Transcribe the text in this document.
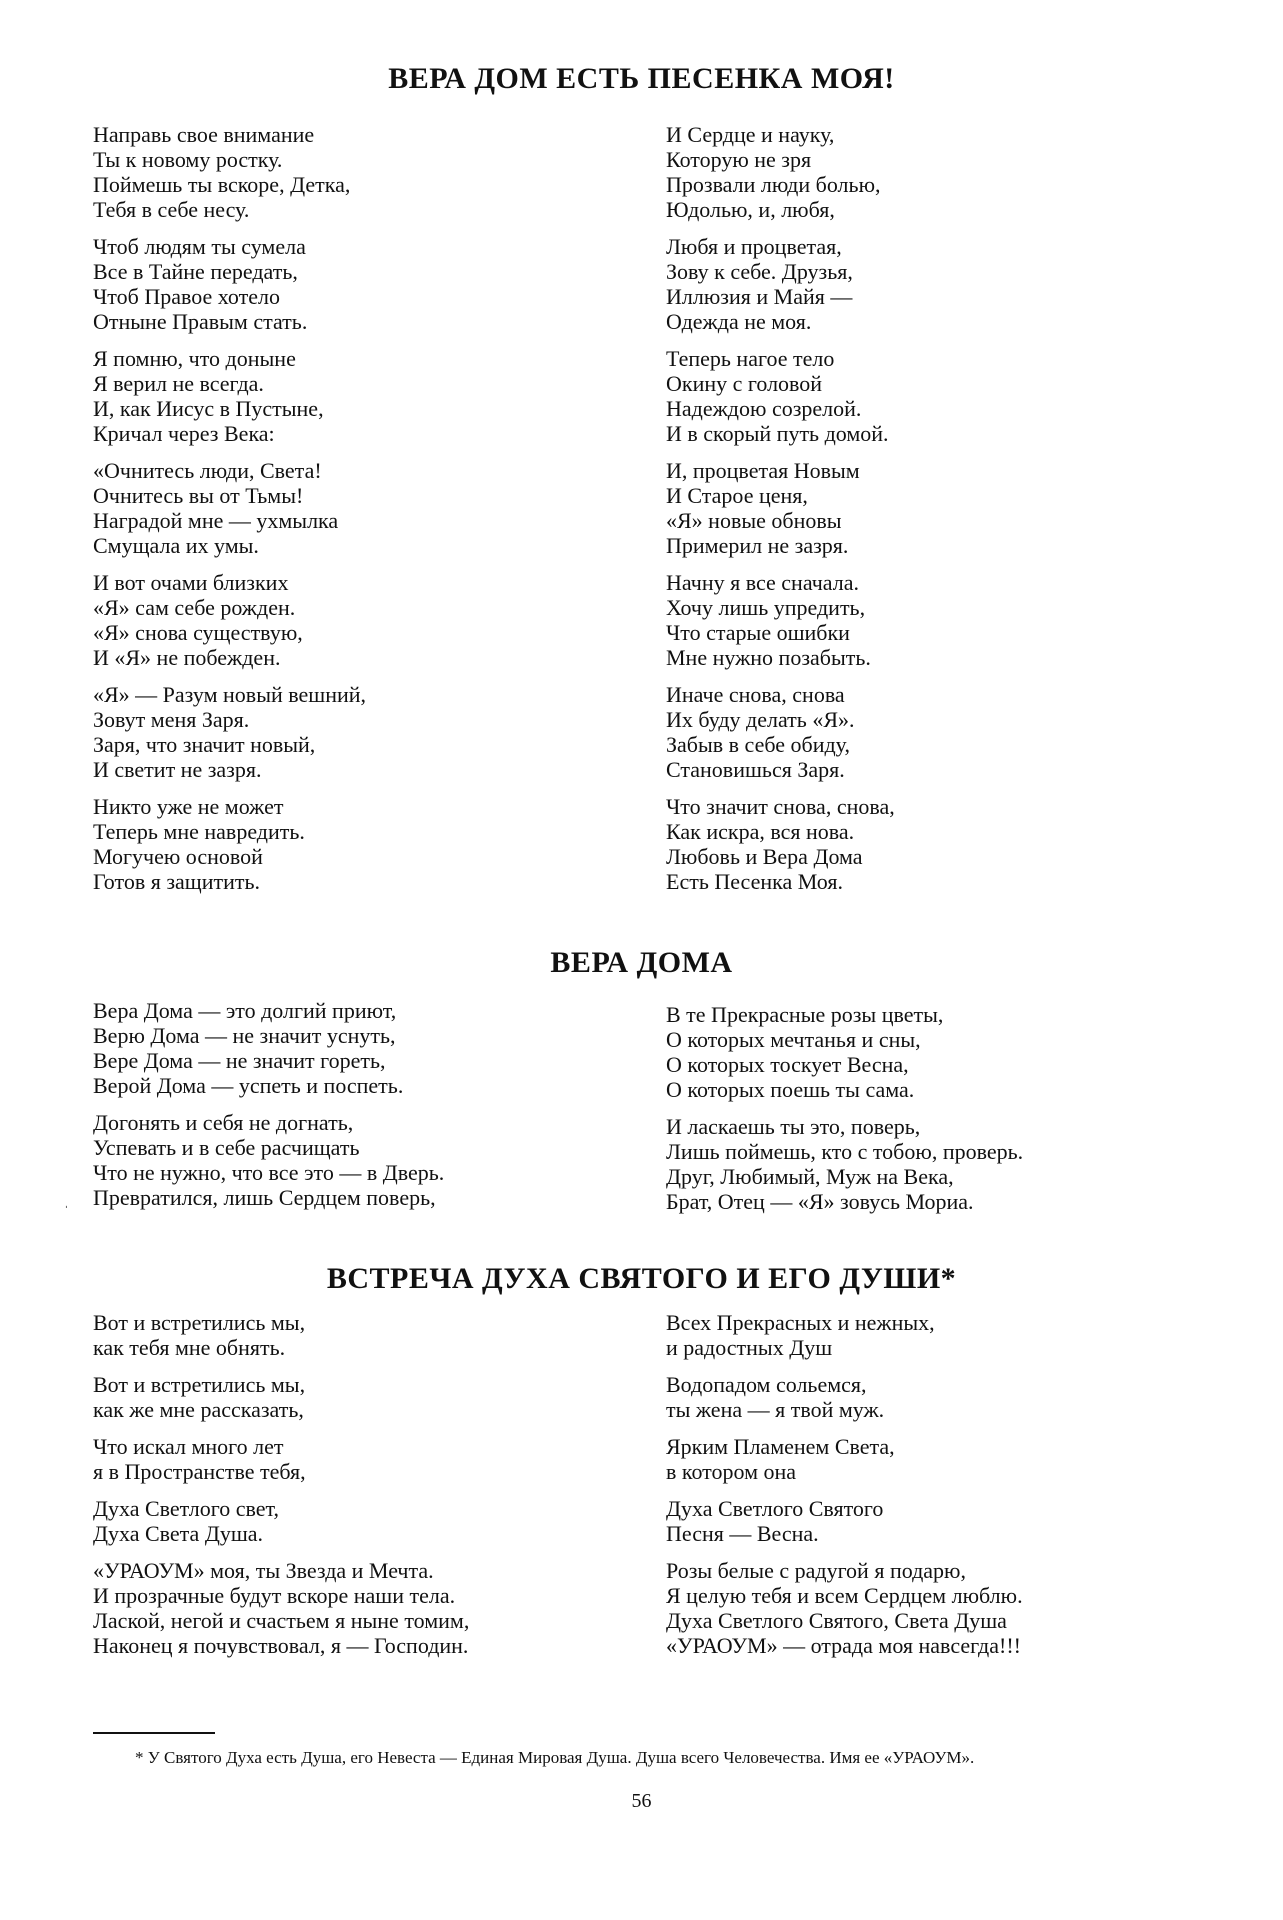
ВЕРА ДОМ ЕСТЬ ПЕСЕНКА МОЯ!
Направь свое внимание
Ты к новому ростку.
Поймешь ты вскоре, Детка,
Тебя в себе несу.
Чтоб людям ты сумела
Все в Тайне передать,
Чтоб Правое хотело
Отныне Правым стать.
Я помню, что доныне
Я верил не всегда.
И, как Иисус в Пустыне,
Кричал через Века:
«Очнитесь люди, Света!
Очнитесь вы от Тьмы!
Наградой мне — ухмылка
Смущала их умы.
И вот очами близких
«Я» сам себе рожден.
«Я» снова существую,
И «Я» не побежден.
«Я» — Разум новый вешний,
Зовут меня Заря.
Заря, что значит новый,
И светит не зазря.
Никто уже не может
Теперь мне навредить.
Могучею основой
Готов я защитить.
И Сердце и науку,
Которую не зря
Прозвали люди болью,
Юдолью, и, любя,
Любя и процветая,
Зову к себе. Друзья,
Иллюзия и Майя —
Одежда не моя.
Теперь нагое тело
Окину с головой
Надеждою созрелой.
И в скорый путь домой.
И, процветая Новым
И Старое ценя,
«Я» новые обновы
Примерил не зазря.
Начну я все сначала.
Хочу лишь упредить,
Что старые ошибки
Мне нужно позабыть.
Иначе снова, снова
Их буду делать «Я».
Забыв в себе обиду,
Становишься Заря.
Что значит снова, снова,
Как искра, вся нова.
Любовь и Вера Дома
Есть Песенка Моя.
ВЕРА ДОМА
Вера Дома — это долгий приют,
Верю Дома — не значит уснуть,
Вере Дома — не значит гореть,
Верой Дома — успеть и поспеть.
Догонять и себя не догнать,
Успевать и в себе расчищать
Что не нужно, что все это — в Дверь.
Превратился, лишь Сердцем поверь,
В те Прекрасные розы цветы,
О которых мечтанья и сны,
О которых тоскует Весна,
О которых поешь ты сама.
И ласкаешь ты это, поверь,
Лишь поймешь, кто с тобою, проверь.
Друг, Любимый, Муж на Века,
Брат, Отец — «Я» зовусь Мориа.
ВСТРЕЧА ДУХА СВЯТОГО И ЕГО ДУШИ*
Вот и встретились мы,
как тебя мне обнять.
Вот и встретились мы,
как же мне рассказать,
Что искал много лет
я в Пространстве тебя,
Духа Светлого свет,
Духа Света Душа.
«УРАОУМ» моя, ты Звезда и Мечта.
И прозрачные будут вскоре наши тела.
Лаской, негой и счастьем я ныне томим,
Наконец я почувствовал, я — Господин.
Всех Прекрасных и нежных,
и радостных Душ
Водопадом сольемся,
ты жена — я твой муж.
Ярким Пламенем Света,
в котором она
Духа Светлого Святого
Песня — Весна.
Розы белые с радугой я подарю,
Я целую тебя и всем Сердцем люблю.
Духа Светлого Святого, Света Душа
«УРАОУМ» — отрада моя навсегда!!!
ˌ
* У Святого Духа есть Душа, его Невеста — Единая Мировая Душа. Душа всего Человечества. Имя ее «УРАОУМ».
56
